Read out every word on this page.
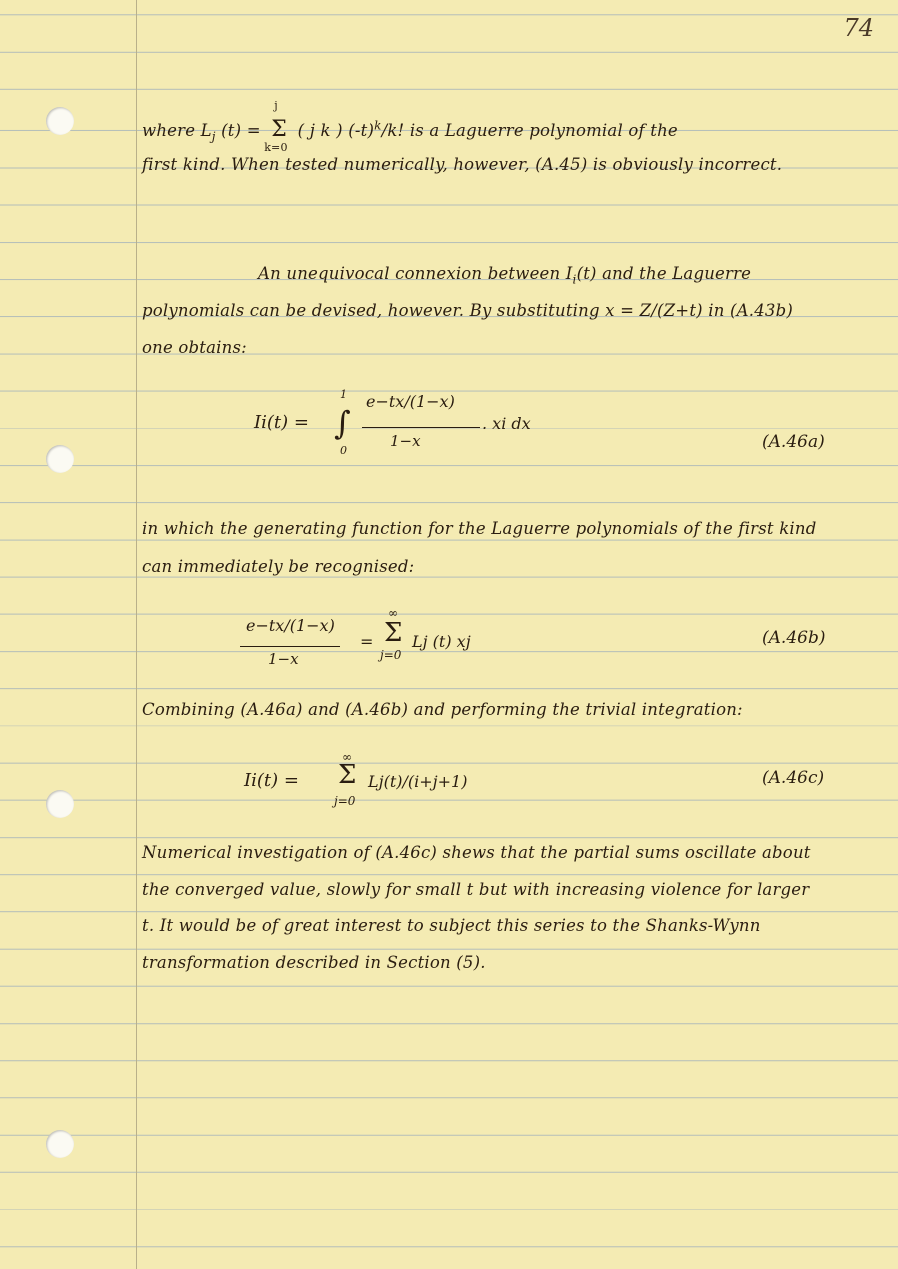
74
where $L_j$ (t) = Σ
j
k=0
( j k ) $(-t)^k/k$! is a Laguerre polynomial of the
first kind. When tested numerically, however, (A.45) is obviously incorrect.
An unequivocal connexion between $I_i(t)$ and the Laguerre
polynomials can be devised, however. By substituting x = Z/(Z+t) in (A.43b)
one obtains:
Ii(t) = ∫
1
0
e−tx/(1−x)
1−x
. xi dx
(A.46a)
in which the generating function for the Laguerre polynomials of the first kind
can immediately be recognised:
e−tx/(1−x)
1−x
= Σ
∞
j=0
Lj (t) xj	(A.46b)
Combining (A.46a) and (A.46b) and performing the trivial integration:
Ii(t) = Σ
∞
j=0
Lj(t)/(i+j+1)	(A.46c)
Numerical investigation of (A.46c) shews that the partial sums oscillate about
the converged value, slowly for small t but with increasing violence for larger
t. It would be of great interest to subject this series to the Shanks-Wynn
transformation described in Section (5).
